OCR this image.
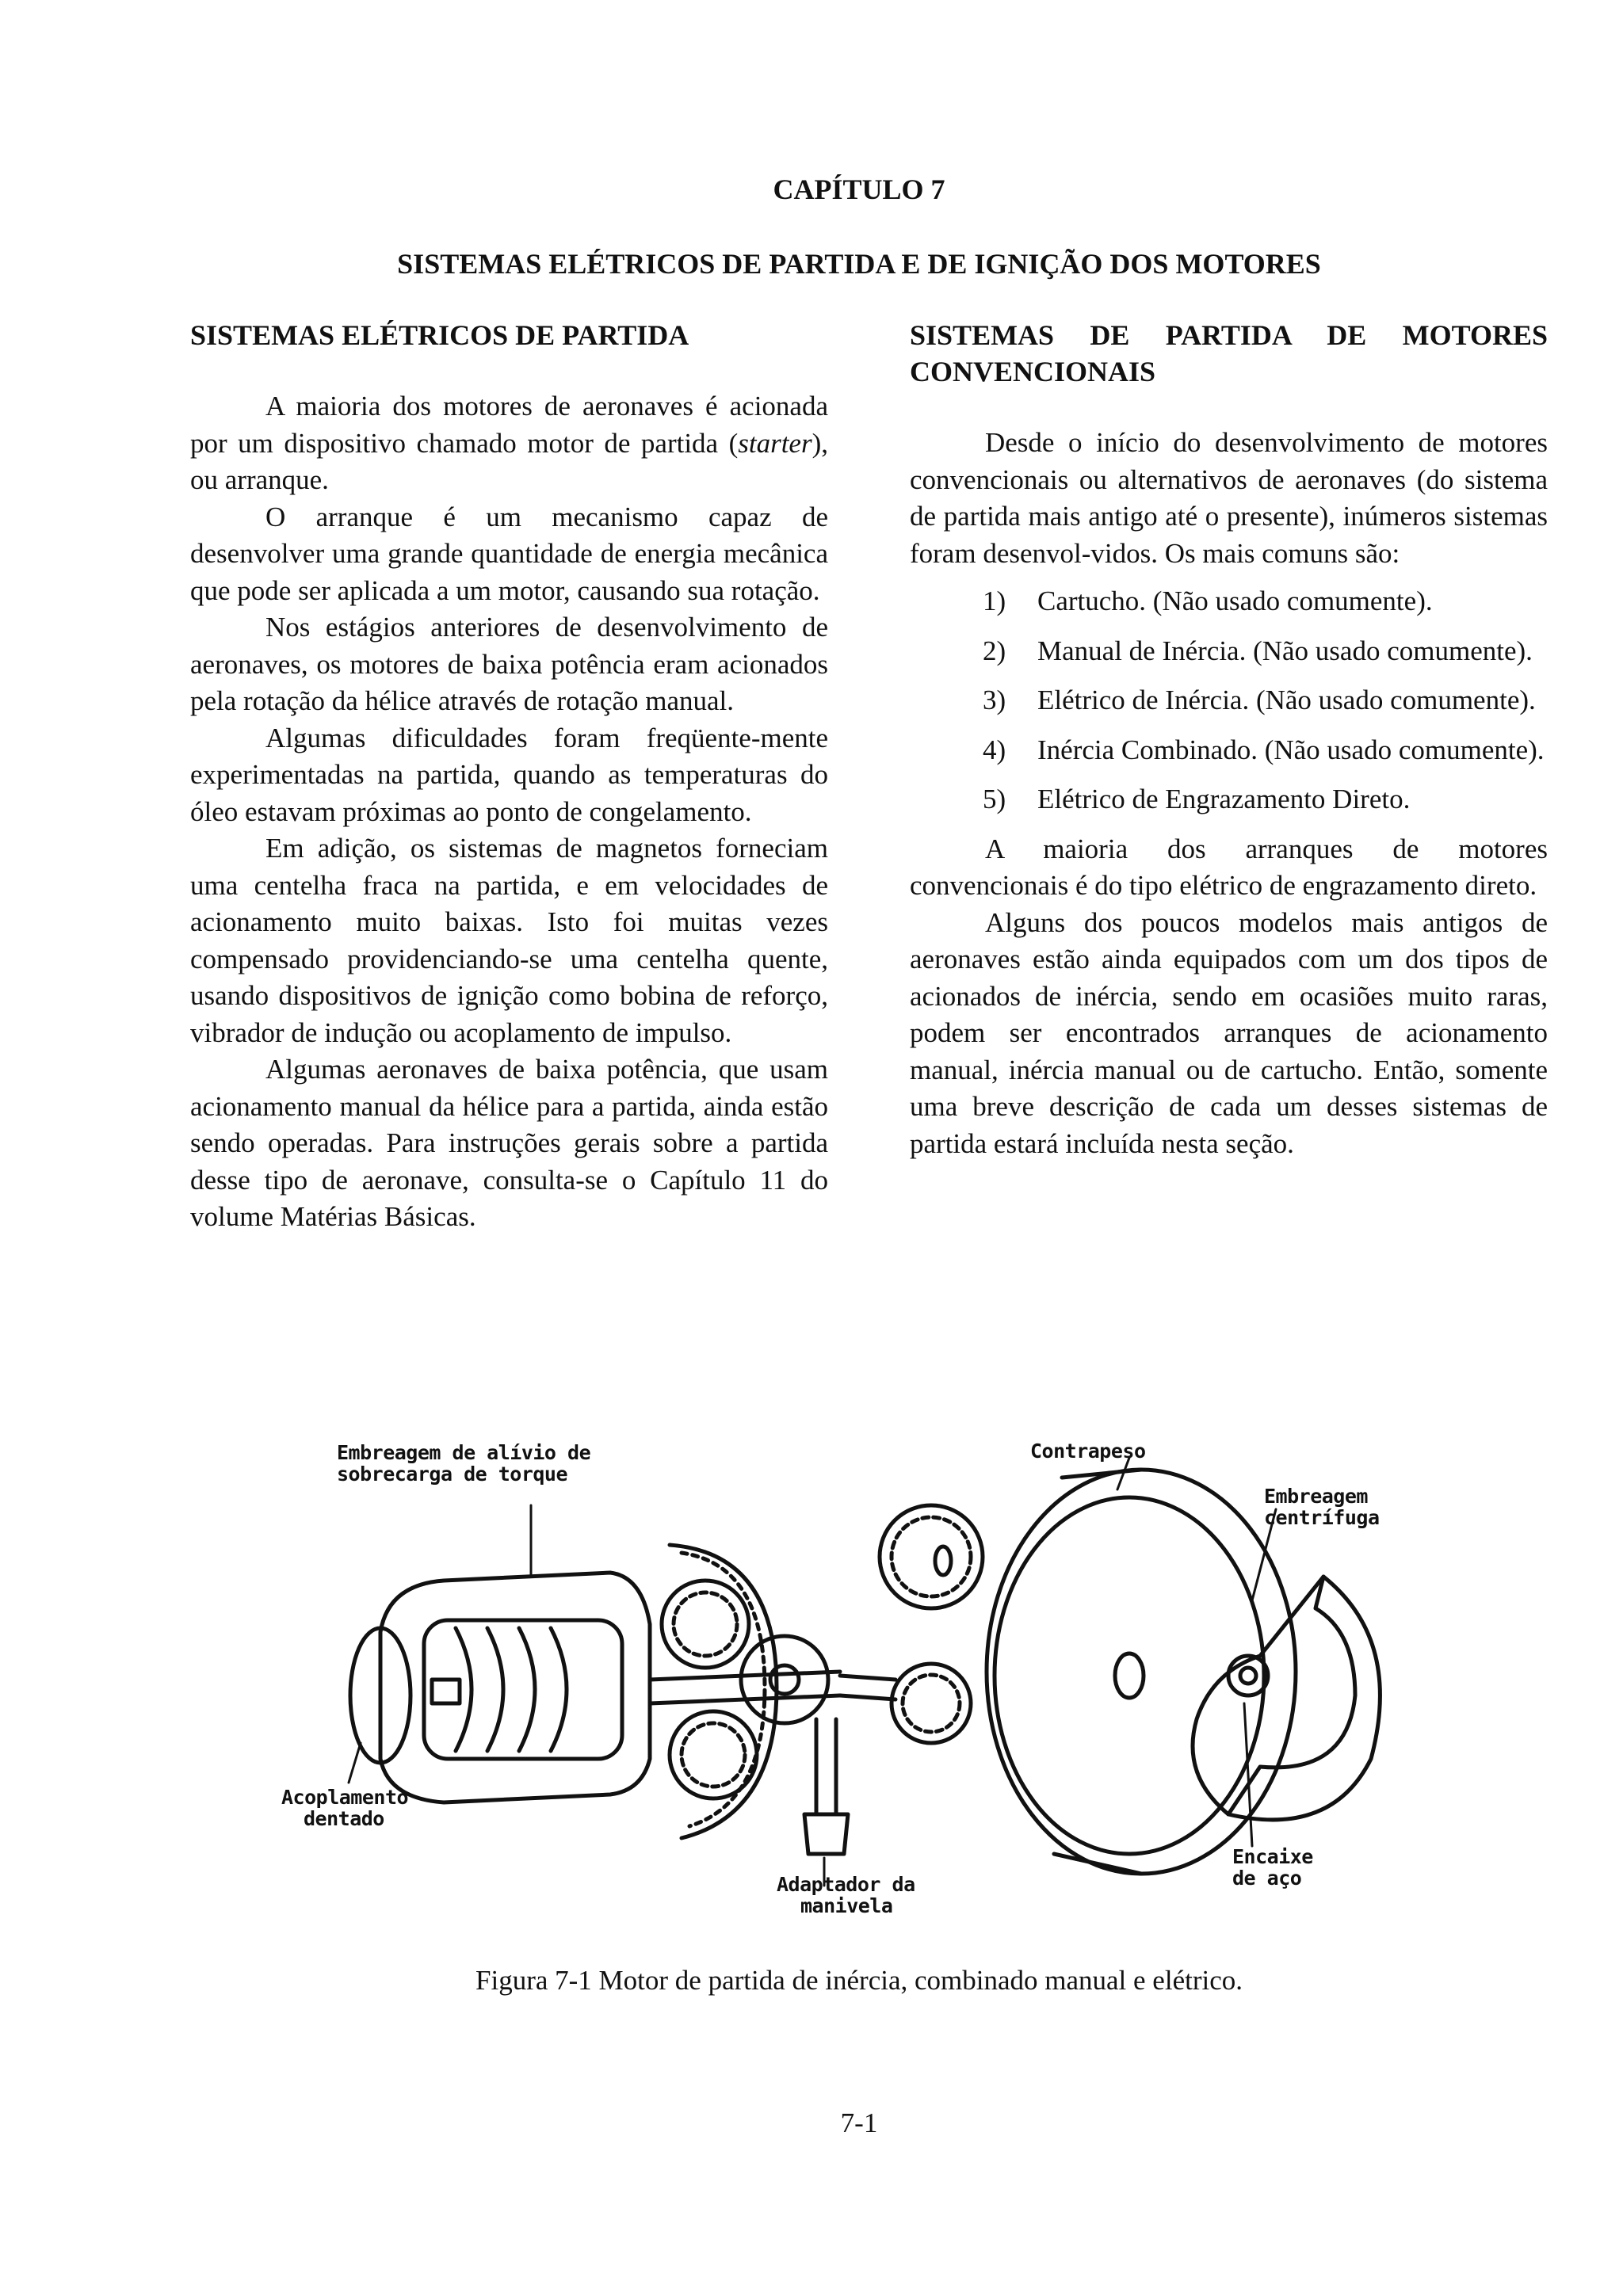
CAPÍTULO 7
SISTEMAS ELÉTRICOS DE PARTIDA E DE IGNIÇÃO DOS MOTORES
SISTEMAS ELÉTRICOS DE PARTIDA

A maioria dos motores de aeronaves é acionada por um dispositivo chamado motor de partida (starter), ou arranque.

O arranque é um mecanismo capaz de desenvolver uma grande quantidade de energia mecânica que pode ser aplicada a um motor, causando sua rotação.

Nos estágios anteriores de desenvolvimento de aeronaves, os motores de baixa potência eram acionados pela rotação da hélice através de rotação manual.

Algumas dificuldades foram freqüente-mente experimentadas na partida, quando as temperaturas do óleo estavam próximas ao ponto de congelamento.

Em adição, os sistemas de magnetos forneciam uma centelha fraca na partida, e em velocidades de acionamento muito baixas. Isto foi muitas vezes compensado providenciando-se uma centelha quente, usando dispositivos de ignição como bobina de reforço, vibrador de indução ou acoplamento de impulso.

Algumas aeronaves de baixa potência, que usam acionamento manual da hélice para a partida, ainda estão sendo operadas. Para instruções gerais sobre a partida desse tipo de aeronave, consulta-se o Capítulo 11 do volume Matérias Básicas.

SISTEMAS DE PARTIDA DE MOTORES CONVENCIONAIS

Desde o início do desenvolvimento de motores convencionais ou alternativos de aeronaves (do sistema de partida mais antigo até o presente), inúmeros sistemas foram desenvol-vidos. Os mais comuns são:

1) Cartucho. (Não usado comumente).
2) Manual de Inércia. (Não usado comumente).
3) Elétrico de Inércia. (Não usado comumente).
4) Inércia Combinado. (Não usado comumente).
5) Elétrico de Engrazamento Direto.

A maioria dos arranques de motores convencionais é do tipo elétrico de engrazamento direto.

Alguns dos poucos modelos mais antigos de aeronaves estão ainda equipados com um dos tipos de acionados de inércia, sendo em ocasiões muito raras, podem ser encontrados arranques de acionamento manual, inércia manual ou de cartucho. Então, somente uma breve descrição de cada um desses sistemas de partida estará incluída nesta seção.

Embreagem de alívio de
sobrecarga de torque
Contrapeso
Embreagem
centrífuga
Acoplamento
dentado
Adaptador da
manivela
Encaixe
de aço
Figura 7-1 Motor de partida de inércia, combinado manual e elétrico.
7-1
